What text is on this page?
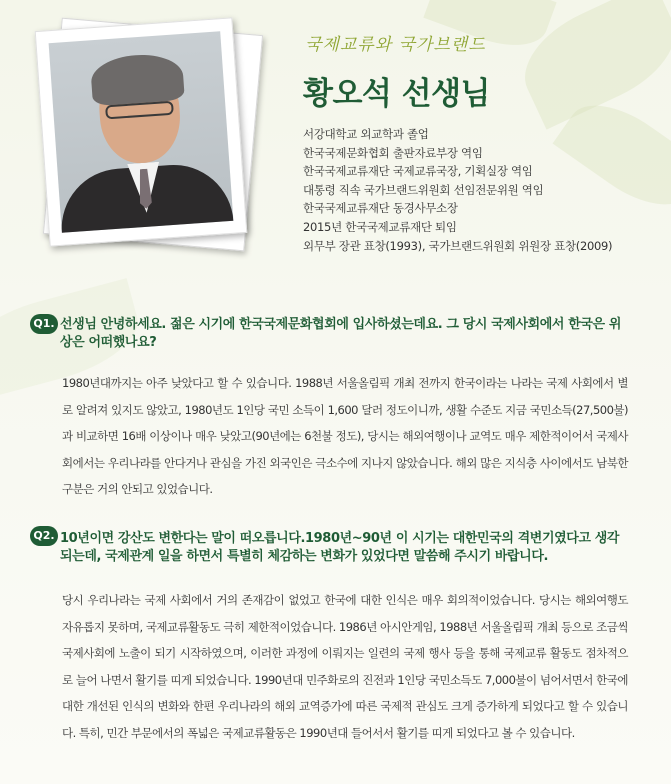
국제교류와 국가브랜드
황오석 선생님
서강대학교 외교학과 졸업
한국국제문화협회 출판자료부장 역임
한국국제교류재단 국제교류국장, 기획실장 역임
대통령 직속 국가브랜드위원회 선임전문위원 역임
한국국제교류재단 동경사무소장
2015년 한국국제교류재단 퇴임
외무부 장관 표창(1993), 국가브랜드위원회 위원장 표창(2009)
Q1. 선생님 안녕하세요. 젊은 시기에 한국국제문화협회에 입사하셨는데요. 그 당시 국제사회에서 한국은 위상은 어떠했나요?

1980년대까지는 아주 낮았다고 할 수 있습니다. 1988년 서울올림픽 개최 전까지 한국이라는 나라는 국제 사회에서 별로 알려져 있지도 않았고, 1980년도 1인당 국민 소득이 1,600 달러 정도이니까, 생활 수준도 지금 국민소득(27,500불)과 비교하면 16배 이상이나 매우 낮았고(90년에는 6천불 정도), 당시는 해외여행이나 교역도 매우 제한적이어서 국제사회에서는 우리나라를 안다거나 관심을 가진 외국인은 극소수에 지나지 않았습니다. 해외 많은 지식층 사이에서도 남북한 구분은 거의 안되고 있었습니다.

Q2. 10년이면 강산도 변한다는 말이 떠오릅니다.1980년~90년 이 시기는 대한민국의 격변기였다고 생각되는데, 국제관계 일을 하면서 특별히 체감하는 변화가 있었다면 말씀해 주시기 바랍니다.

당시 우리나라는 국제 사회에서 거의 존재감이 없었고 한국에 대한 인식은 매우 회의적이었습니다. 당시는 해외여행도 자유롭지 못하며, 국제교류활동도 극히 제한적이었습니다. 1986년 아시안게임, 1988년 서울올림픽 개최 등으로 조금씩 국제사회에 노출이 되기 시작하였으며, 이러한 과정에 이뤄지는 일련의 국제 행사 등을 통해 국제교류 활동도 점차적으로 늘어 나면서 활기를 띠게 되었습니다. 1990년대 민주화로의 진전과 1인당 국민소득도 7,000불이 넘어서면서 한국에 대한 개선된 인식의 변화와 한편 우리나라의 해외 교역증가에 따른 국제적 관심도 크게 증가하게 되었다고 할 수 있습니다. 특히, 민간 부문에서의 폭넓은 국제교류활동은 1990년대 들어서서 활기를 띠게 되었다고 볼 수 있습니다.
